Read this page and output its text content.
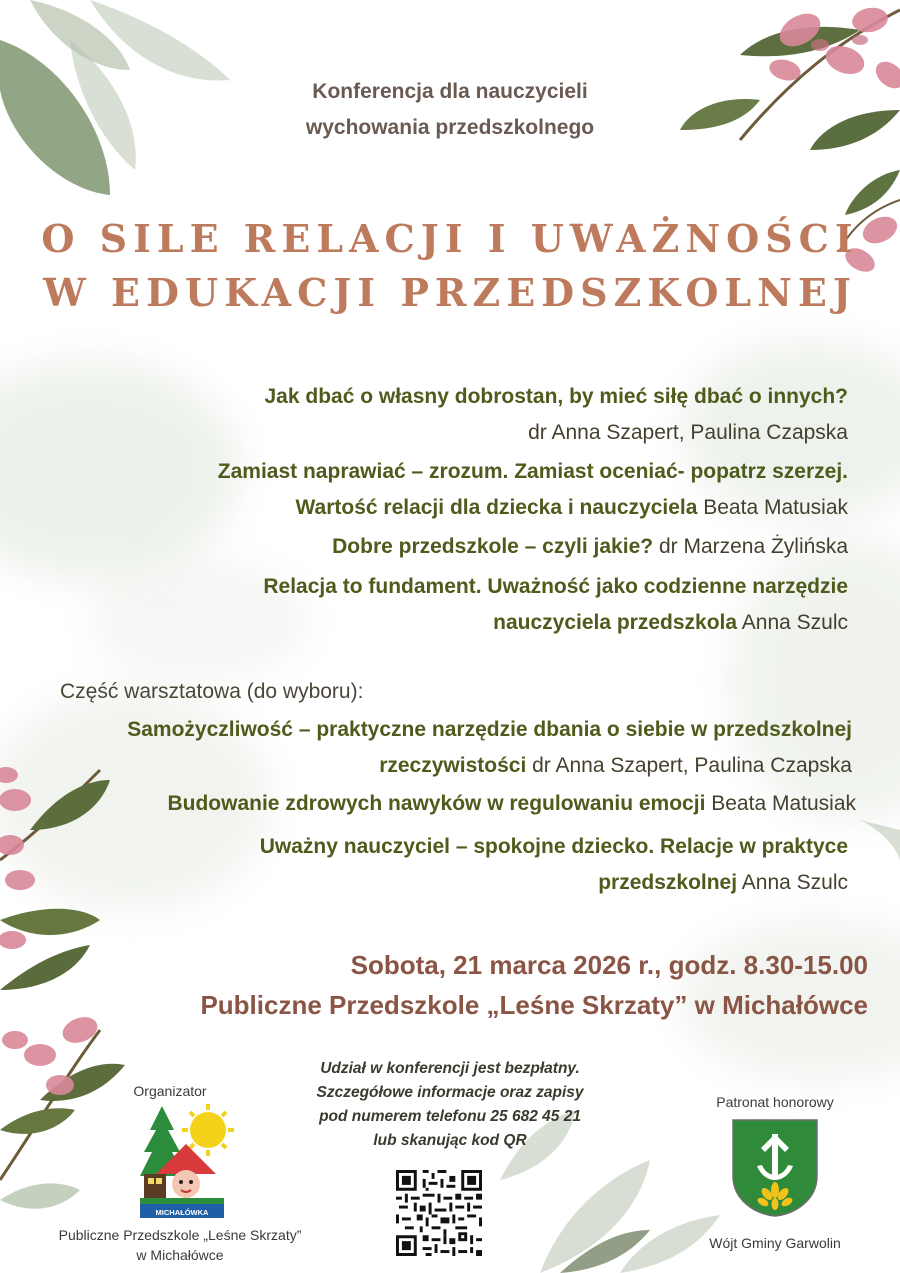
Konferencja dla nauczycieli
wychowania przedszkolnego
O SILE RELACJI I UWAŻNOŚCI
W EDUKACJI PRZEDSZKOLNEJ
Jak dbać o własny dobrostan, by mieć siłę dbać o innych?
dr Anna Szapert, Paulina Czapska
Zamiast naprawiać – zrozum. Zamiast oceniać- popatrz szerzej.
Wartość relacji dla dziecka i nauczyciela Beata Matusiak
Dobre przedszkole – czyli jakie? dr Marzena Żylińska
Relacja to fundament. Uważność jako codzienne narzędzie
nauczyciela przedszkola Anna Szulc
Część warsztatowa (do wyboru):
Samożyczliwość – praktyczne narzędzie dbania o siebie w przedszkolnej
rzeczywistości dr Anna Szapert, Paulina Czapska
Budowanie zdrowych nawyków w regulowaniu emocji Beata Matusiak
Uważny nauczyciel – spokojne dziecko. Relacje w praktyce
przedszkolnej Anna Szulc
Sobota, 21 marca 2026 r., godz. 8.30-15.00
Publiczne Przedszkole „Leśne Skrzaty” w Michałówce
Udział w konferencji jest bezpłatny.
Szczegółowe informacje oraz zapisy
pod numerem telefonu 25 682 45 21
lub skanując kod QR
Organizator
MICHAŁÓWKA
Publiczne Przedszkole „Leśne Skrzaty”
w Michałówce
Patronat honorowy
Wójt Gminy Garwolin
